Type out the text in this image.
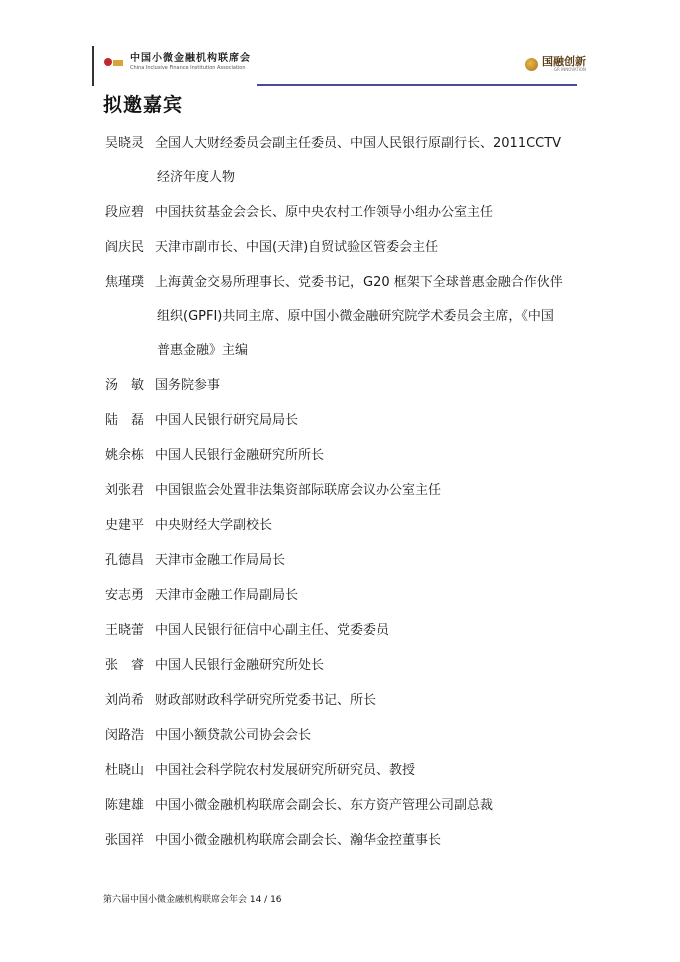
中国小微金融机构联席会
China Inclusive Finance Institution Association	国融创新
GR INNOVATION
拟邀嘉宾
吴晓灵 全国人大财经委员会副主任委员、中国人民银行原副行长、2011CCTV
经济年度人物
段应碧 中国扶贫基金会会长、原中央农村工作领导小组办公室主任
阎庆民 天津市副市长、中国(天津)自贸试验区管委会主任
焦瑾璞 上海黄金交易所理事长、党委书记，G20 框架下全球普惠金融合作伙伴
组织(GPFI)共同主席、原中国小微金融研究院学术委员会主席，《中国
普惠金融》主编
汤　敏 国务院参事
陆　磊 中国人民银行研究局局长
姚余栋 中国人民银行金融研究所所长
刘张君 中国银监会处置非法集资部际联席会议办公室主任
史建平 中央财经大学副校长
孔德昌 天津市金融工作局局长
安志勇 天津市金融工作局副局长
王晓蕾 中国人民银行征信中心副主任、党委委员
张　睿 中国人民银行金融研究所处长
刘尚希 财政部财政科学研究所党委书记、所长
闵路浩 中国小额贷款公司协会会长
杜晓山 中国社会科学院农村发展研究所研究员、教授
陈建雄 中国小微金融机构联席会副会长、东方资产管理公司副总裁
张国祥 中国小微金融机构联席会副会长、瀚华金控董事长
第六届中国小微金融机构联席会年会 14 / 16
